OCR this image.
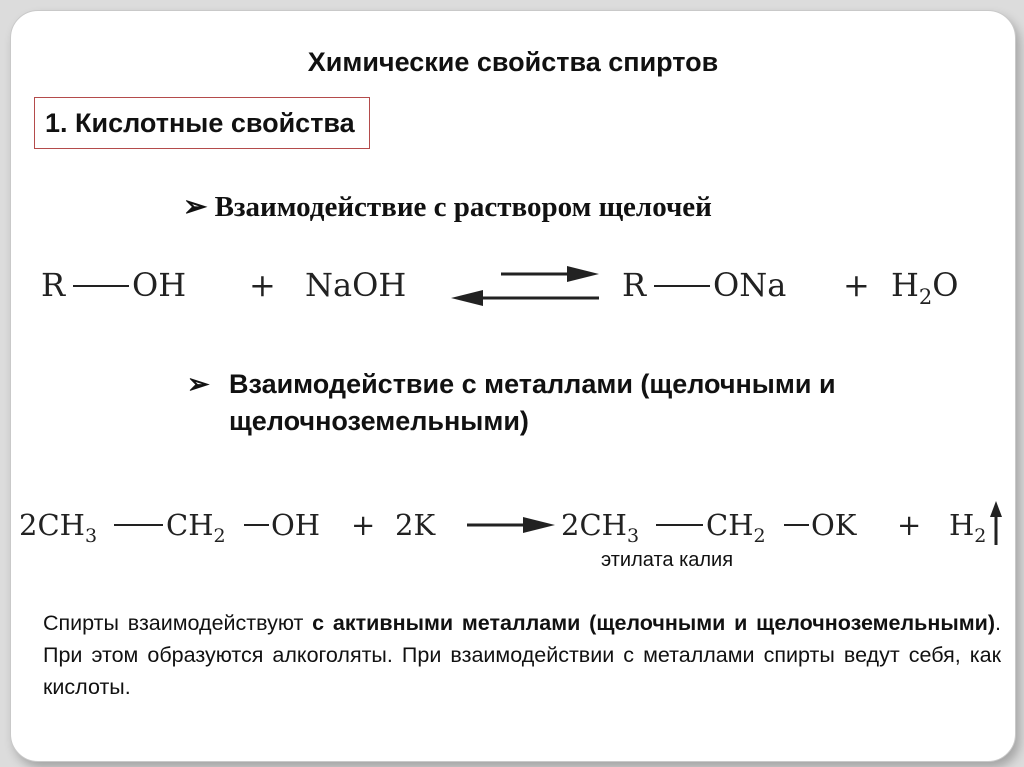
Химические свойства спиртов
1. Кислотные свойства
➢ Взаимодействие с раствором щелочей
R OH + NaOH	R ONa + $H_2O$
➢ Взаимодействие с металлами (щелочными и щелочноземельными)
$2CH_3$ $CH_2$ OH + 2K	$2CH_3$ $CH_2$ OK + $H_2$
этилата калия
Спирты взаимодействуют с активными металлами (щелочными и щелочноземельными). При этом образуются алкоголяты. При взаимодействии с металлами спирты ведут себя, как кислоты.
